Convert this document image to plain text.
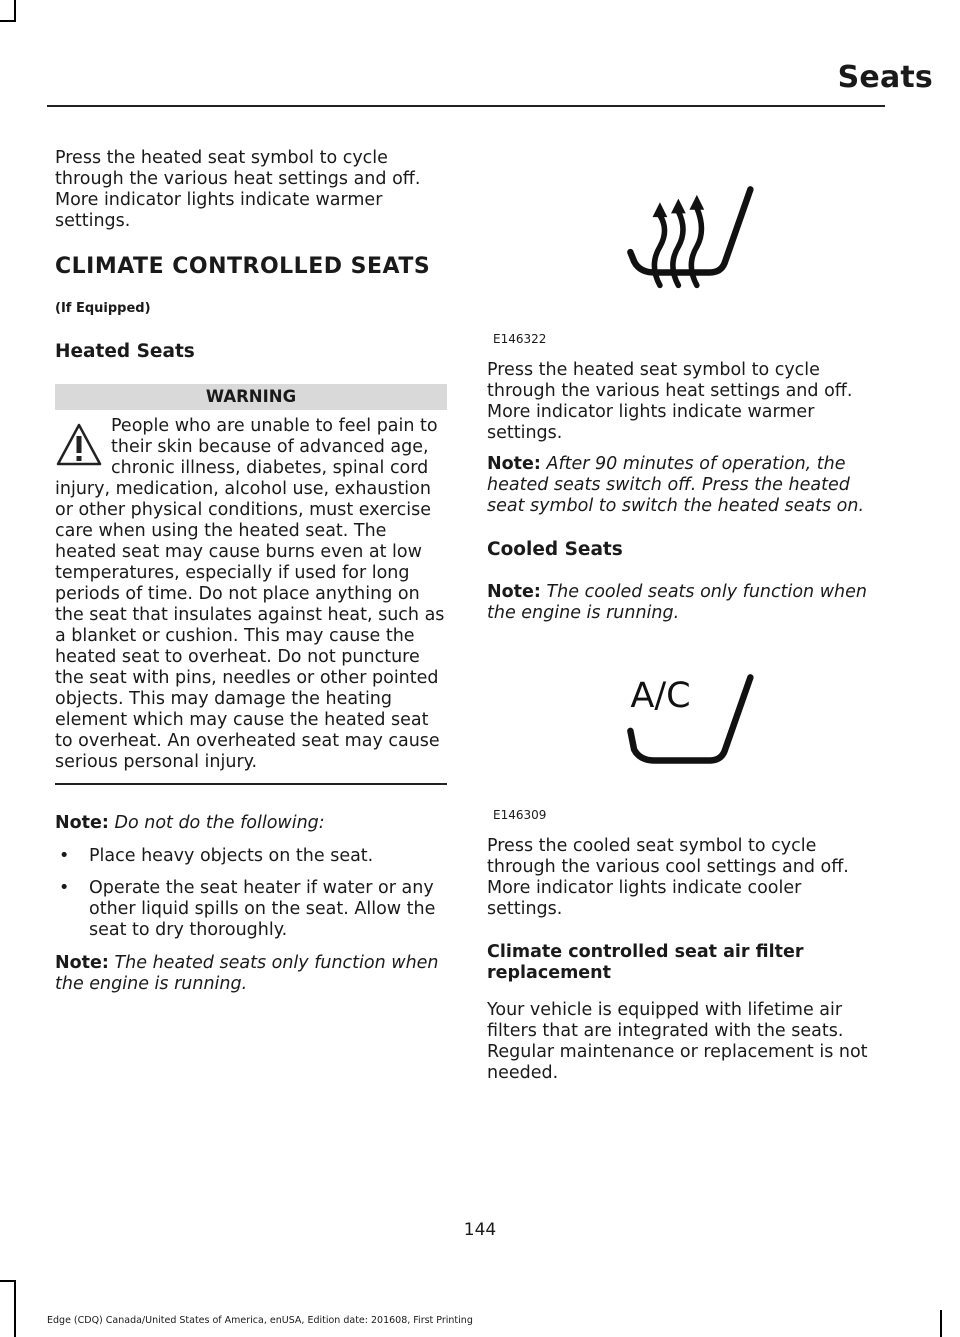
Seats

Press the heated seat symbol to cycle through the various heat settings and off. More indicator lights indicate warmer settings.

CLIMATE CONTROLLED SEATS
(If Equipped)
Heated Seats
WARNING
People who are unable to feel pain to their skin because of advanced age, chronic illness, diabetes, spinal cord injury, medication, alcohol use, exhaustion or other physical conditions, must exercise care when using the heated seat. The heated seat may cause burns even at low temperatures, especially if used for long periods of time. Do not place anything on the seat that insulates against heat, such as a blanket or cushion. This may cause the heated seat to overheat. Do not puncture the seat with pins, needles or other pointed objects. This may damage the heating element which may cause the heated seat to overheat. An overheated seat may cause serious personal injury.

Note: Do not do the following:

• Place heavy objects on the seat.
• Operate the seat heater if water or any other liquid spills on the seat. Allow the seat to dry thoroughly.

Note: The heated seats only function when the engine is running.

E146322

Press the heated seat symbol to cycle through the various heat settings and off. More indicator lights indicate warmer settings.

Note: After 90 minutes of operation, the heated seats switch off. Press the heated seat symbol to switch the heated seats on.

Cooled Seats

Note: The cooled seats only function when the engine is running.

A/C
E146309

Press the cooled seat symbol to cycle through the various cool settings and off. More indicator lights indicate cooler settings.

Climate controlled seat air filter replacement

Your vehicle is equipped with lifetime air filters that are integrated with the seats. Regular maintenance or replacement is not needed.

144
Edge (CDQ) Canada/United States of America, enUSA, Edition date: 201608, First Printing
